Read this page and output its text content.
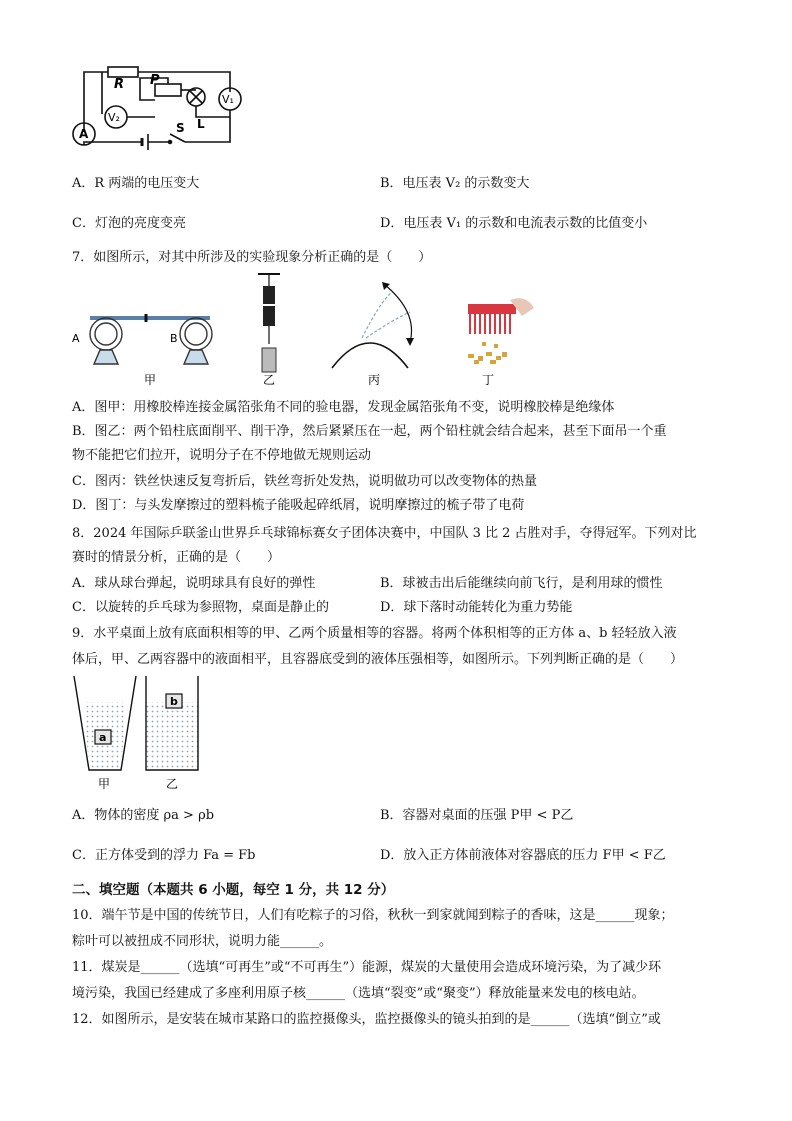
R P
V₂
V₁
A	S L
A．R 两端的电压变大	B．电压表 V₂ 的示数变大
C．灯泡的亮度变亮	D．电压表 V₁ 的示数和电流表示数的比值变小
7．如图所示，对其中所涉及的实验现象分析正确的是（　　）
A	B
甲	乙	丙	丁
A．图甲：用橡胶棒连接金属箔张角不同的验电器，发现金属箔张角不变，说明橡胶棒是绝缘体
B．图乙：两个铅柱底面削平、削干净，然后紧紧压在一起，两个铅柱就会结合起来，甚至下面吊一个重
物不能把它们拉开，说明分子在不停地做无规则运动
C．图丙：铁丝快速反复弯折后，铁丝弯折处发热，说明做功可以改变物体的热量
D．图丁：与头发摩擦过的塑料梳子能吸起碎纸屑，说明摩擦过的梳子带了电荷
8．2024 年国际乒联釜山世界乒乓球锦标赛女子团体决赛中，中国队 3 比 2 占胜对手，夺得冠军。下列对比
赛时的情景分析，正确的是（　　）
A．球从球台弹起，说明球具有良好的弹性	B．球被击出后能继续向前飞行，是利用球的惯性
C．以旋转的乒乓球为参照物，桌面是静止的	D．球下落时动能转化为重力势能
9．水平桌面上放有底面积相等的甲、乙两个质量相等的容器。将两个体积相等的正方体 a、b 轻轻放入液
体后，甲、乙两容器中的液面相平，且容器底受到的液体压强相等，如图所示。下列判断正确的是（　　）
a
甲
b
乙
A．物体的密度 ρa > ρb	B．容器对桌面的压强 P甲 < P乙
C．正方体受到的浮力 Fa = Fb	D．放入正方体前液体对容器底的压力 F甲 < F乙
二、填空题（本题共 6 小题，每空 1 分，共 12 分）
10．端午节是中国的传统节日，人们有吃粽子的习俗，秋秋一到家就闻到粽子的香味，这是______现象；
粽叶可以被扭成不同形状，说明力能______。
11．煤炭是______（选填“可再生”或“不可再生”）能源，煤炭的大量使用会造成环境污染，为了减少环
境污染，我国已经建成了多座利用原子核______（选填“裂变”或“聚变”）释放能量来发电的核电站。
12．如图所示，是安装在城市某路口的监控摄像头，监控摄像头的镜头拍到的是______（选填“倒立”或
